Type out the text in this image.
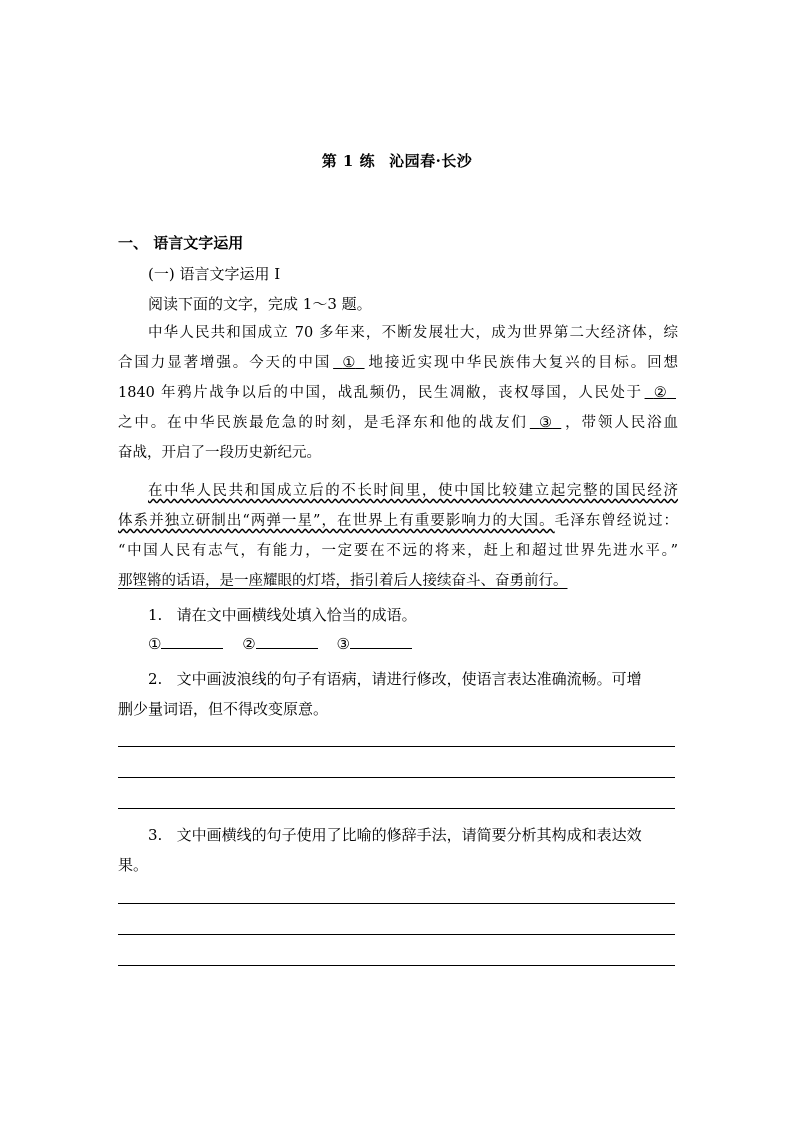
第 1 练 沁园春·长沙
一、 语言文字运用
(一) 语言文字运用 I
阅读下面的文字，完成 1～3 题。
中华人民共和国成立 70 多年来，不断发展壮大，成为世界第二大经济体，综
合国力显著增强。今天的中国 ① 地接近实现中华民族伟大复兴的目标。回想
1840 年鸦片战争以后的中国，战乱频仍，民生凋敝，丧权辱国，人民处于 ②
之中。在中华民族最危急的时刻，是毛泽东和他的战友们 ③ ，带领人民浴血
奋战，开启了一段历史新纪元。
在中华人民共和国成立后的不长时间里，使中国比较建立起完整的国民经济
体系并独立研制出“两弹一星”，在世界上有重要影响力的大国。毛泽东曾经说过：
“中国人民有志气，有能力，一定要在不远的将来，赶上和超过世界先进水平。”
那铿锵的话语，是一座耀眼的灯塔，指引着后人接续奋斗、奋勇前行。
1. 请在文中画横线处填入恰当的成语。
①	②	③
2. 文中画波浪线的句子有语病，请进行修改，使语言表达准确流畅。可增
删少量词语，但不得改变原意。
3. 文中画横线的句子使用了比喻的修辞手法，请简要分析其构成和表达效
果。
